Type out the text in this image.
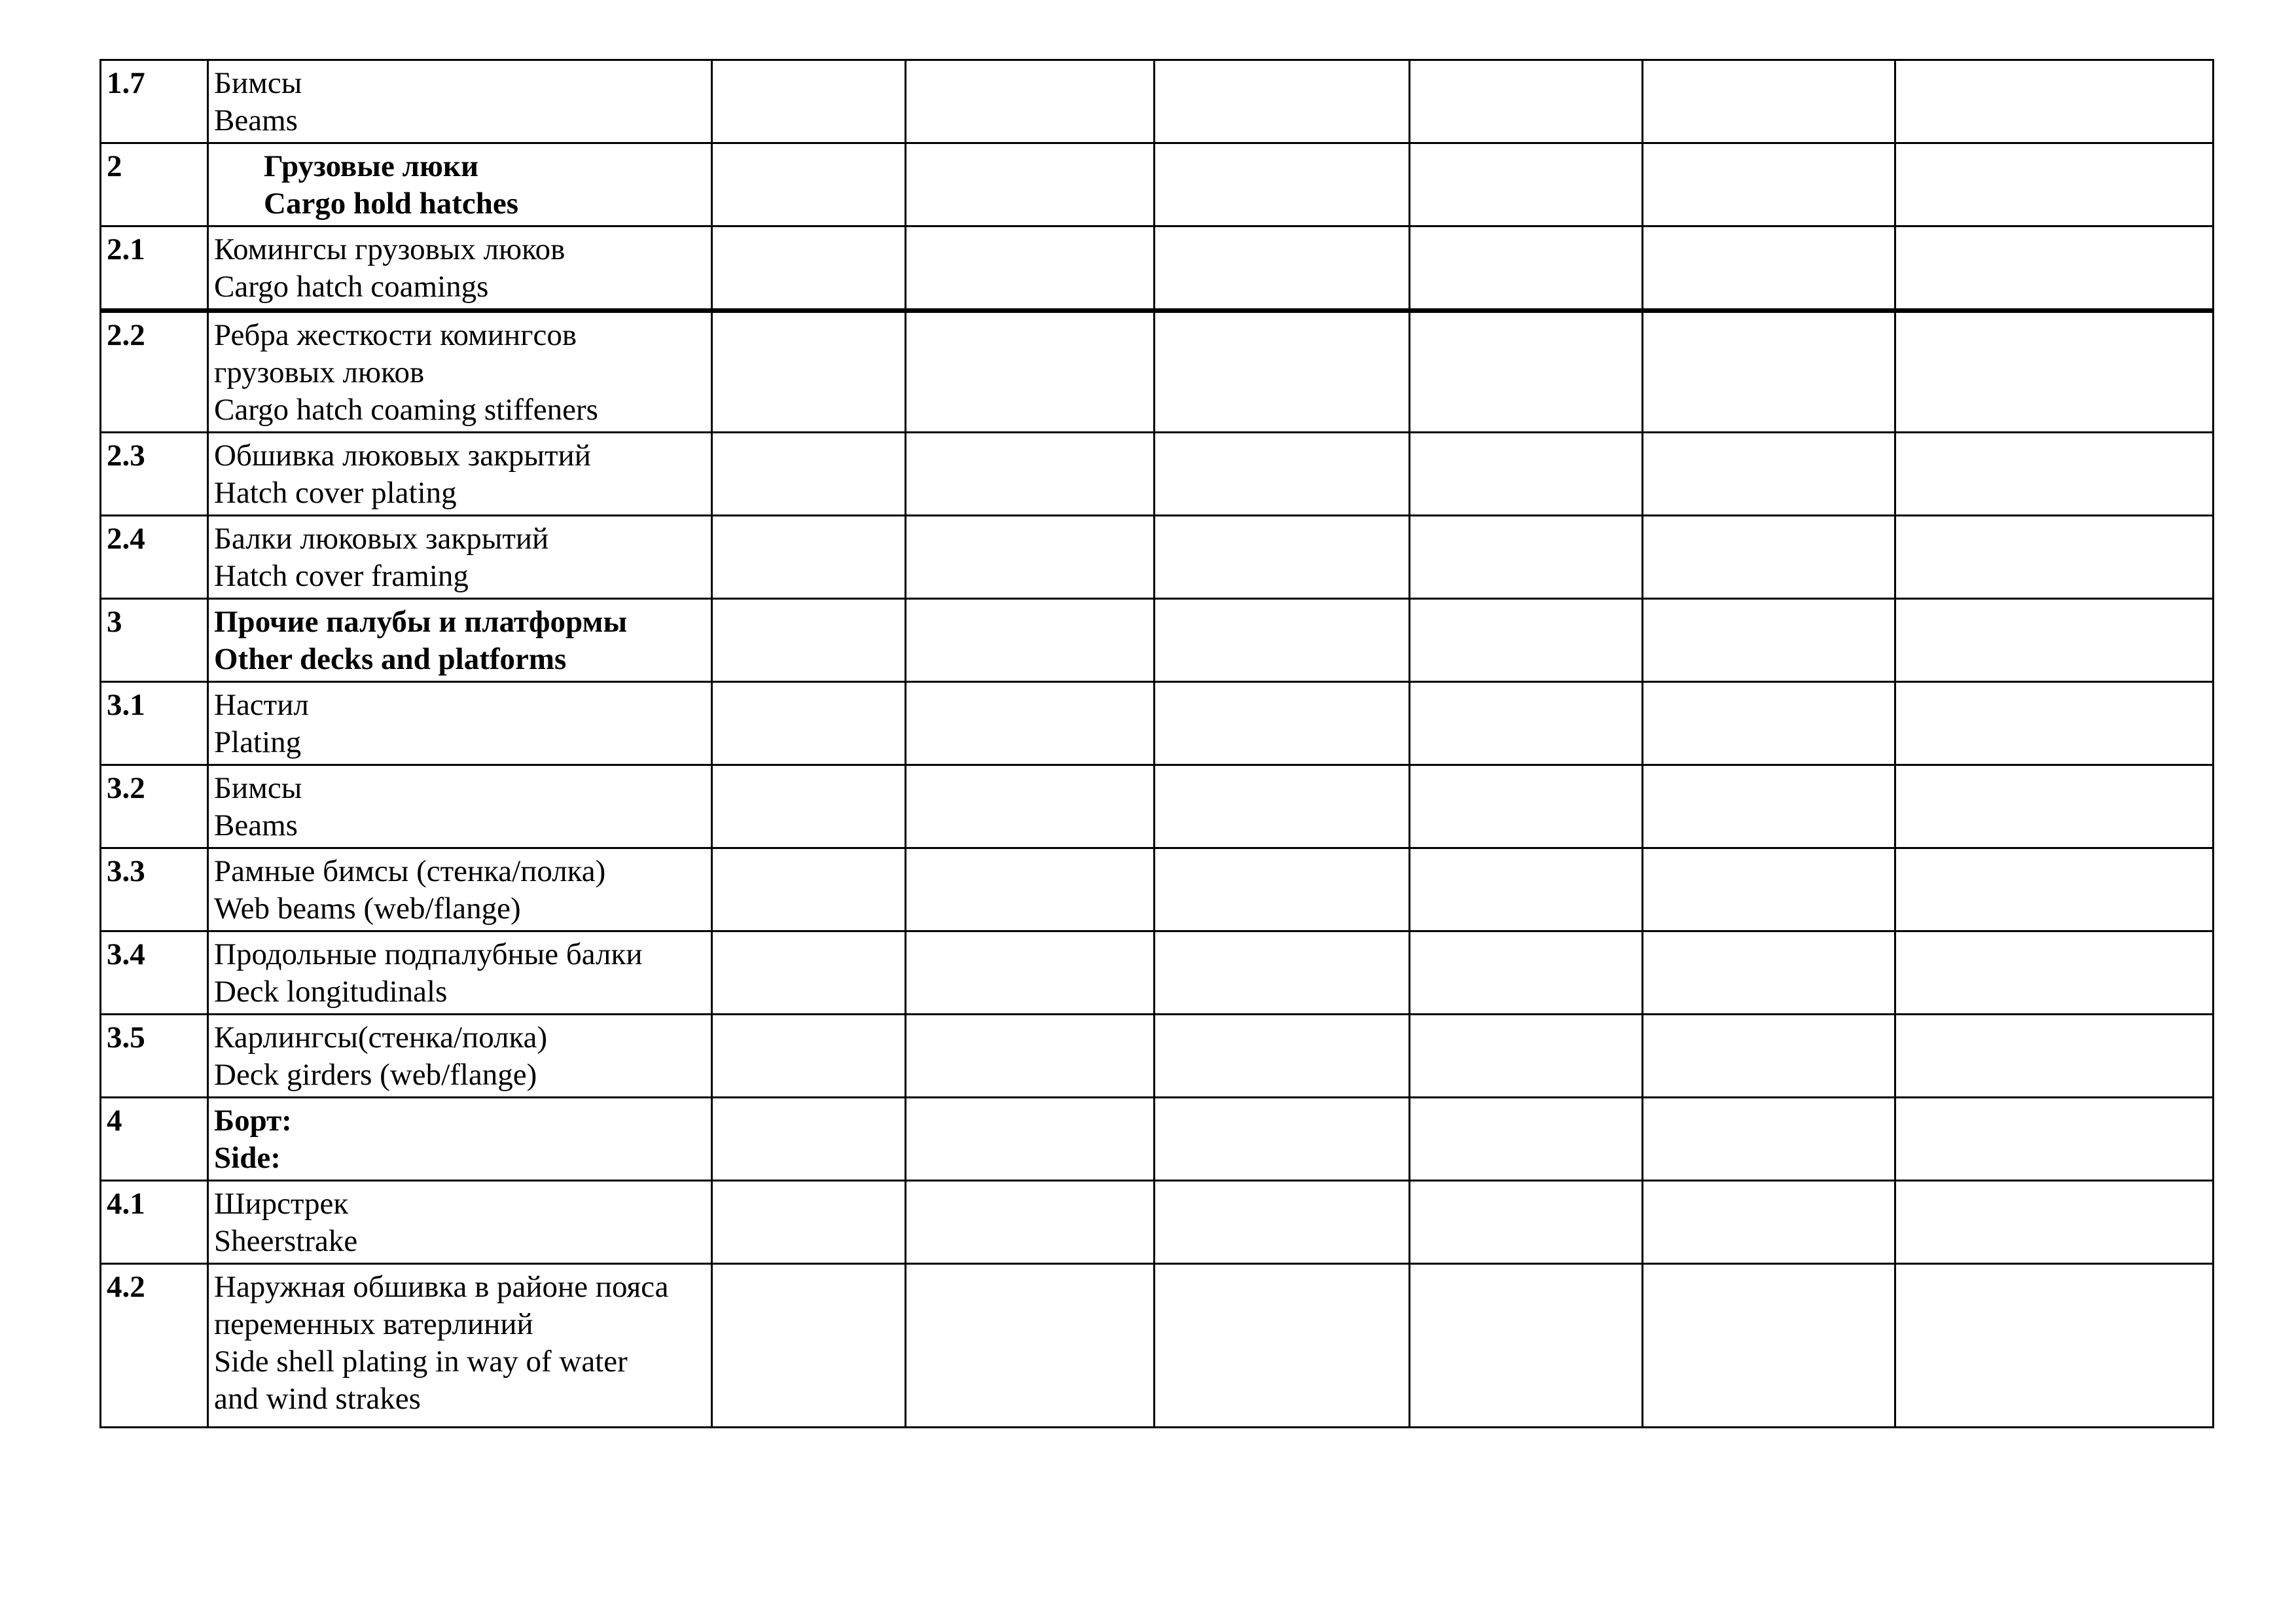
1.7	Бимсы
Beams							

2	Грузовые люки
Cargo hold hatches							

2.1	Комингсы грузовых люков
Cargo hatch coamings							

2.2	Ребра жесткости комингсов
грузовых люков
Cargo hatch coaming stiffeners							

2.3	Обшивка люковых закрытий
Hatch cover plating							

2.4	Балки люковых закрытий
Hatch cover framing							

3	Прочие палубы и платформы
Other decks and platforms							

3.1	Настил
Plating							

3.2	Бимсы
Beams							

3.3	Рамные бимсы (стенка/полка)
Web beams (web/flange)							

3.4	Продольные подпалубные балки
Deck longitudinals							

3.5	Карлингсы(стенка/полка)
Deck girders (web/flange)							

4	Борт:
Side:							

4.1	Ширстрек
Sheerstrake							

4.2	Наружная обшивка в районе пояса
переменных ватерлиний
Side shell plating in way of water
and wind strakes							
